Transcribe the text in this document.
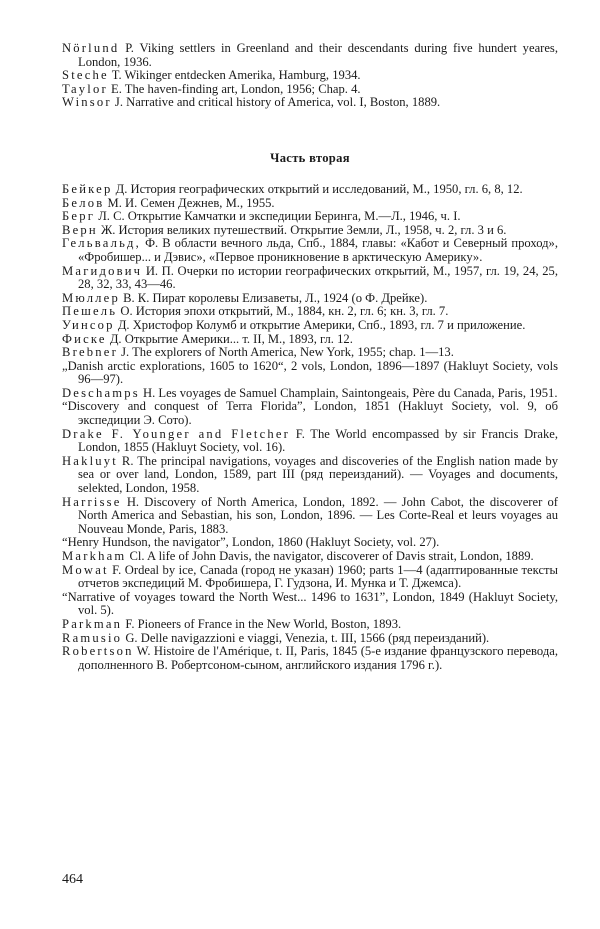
Nörlund P. Viking settlers in Greenland and their descendants during five hundert yeares, London, 1936.
Steche T. Wikinger entdecken Amerika, Hamburg, 1934.
Taylor E. The haven-finding art, London, 1956; Chap. 4.
Winsor J. Narrative and critical history of America, vol. I, Boston, 1889.
Часть вторая
Бейкер Д. История географических открытий и исследований, М., 1950, гл. 6, 8, 12.
Белов М. И. Семен Дежнев, М., 1955.
Берг Л. С. Открытие Камчатки и экспедиции Беринга, М.—Л., 1946, ч. I.
Верн Ж. История великих путешествий. Открытие Земли, Л., 1958, ч. 2, гл. 3 и 6.
Гельвальд, Ф. В области вечного льда, Спб., 1884, главы: «Кабот и Северный проход», «Фробишер... и Дэвис», «Первое проникновение в арктическую Америку».
Магидович И. П. Очерки по истории географических открытий, М., 1957, гл. 19, 24, 25, 28, 32, 33, 43—46.
Мюллер В. К. Пират королевы Елизаветы, Л., 1924 (о Ф. Дрейке).
Пешель О. История эпохи открытий, М., 1884, кн. 2, гл. 6; кн. 3, гл. 7.
Уинсор Д. Христофор Колумб и открытие Америки, Спб., 1893, гл. 7 и приложение.
Фиске Д. Открытие Америки... т. II, М., 1893, гл. 12.
Brebner J. The explorers of North America, New York, 1955; chap. 1—13.
„Danish arctic explorations, 1605 to 1620“, 2 vols, London, 1896—1897 (Hakluyt Society, vols 96—97).
Deschamps H. Les voyages de Samuel Champlain, Saintongeais, Père du Canada, Paris, 1951.
“Discovery and conquest of Terra Florida”, London, 1851 (Hakluyt Society, vol. 9, об экспедиции Э. Сото).
Drake F. Younger and Fletcher F. The World encompassed by sir Francis Drake, London, 1855 (Hakluyt Society, vol. 16).
Hakluyt R. The principal navigations, voyages and discoveries of the English nation made by sea or over land, London, 1589, part III (ряд переизданий). — Voyages and documents, selekted, London, 1958.
Harrisse H. Discovery of North America, London, 1892. — John Cabot, the discoverer of North America and Sebastian, his son, London, 1896. — Les Corte-Real et leurs voyages au Nouveau Monde, Paris, 1883.
“Henry Hundson, the navigator”, London, 1860 (Hakluyt Society, vol. 27).
Markham Cl. A life of John Davis, the navigator, discoverer of Davis strait, London, 1889.
Mowat F. Ordeal by ice, Canada (город не указан) 1960; parts 1—4 (адаптированные тексты отчетов экспедиций М. Фробишера, Г. Гудзона, И. Мунка и Т. Джемса).
“Narrative of voyages toward the North West... 1496 to 1631”, London, 1849 (Hakluyt Society, vol. 5).
Parkman F. Pioneers of France in the New World, Boston, 1893.
Ramusio G. Delle navigazzioni e viaggi, Venezia, t. III, 1566 (ряд переизданий).
Robertson W. Histoire de l'Amérique, t. II, Paris, 1845 (5-е издание французского перевода, дополненного В. Робертсоном-сыном, английского издания 1796 г.).
464
